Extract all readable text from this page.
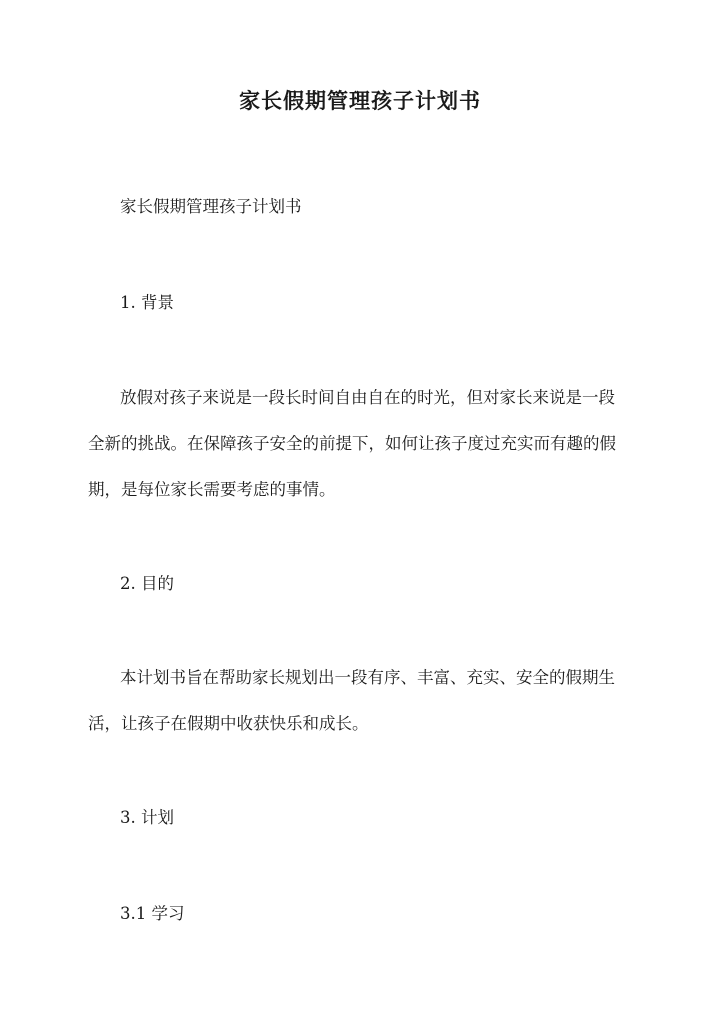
家长假期管理孩子计划书
家长假期管理孩子计划书
1. 背景
放假对孩子来说是一段长时间自由自在的时光，但对家长来说是一段
全新的挑战。在保障孩子安全的前提下，如何让孩子度过充实而有趣的假
期，是每位家长需要考虑的事情。
2. 目的
本计划书旨在帮助家长规划出一段有序、丰富、充实、安全的假期生
活，让孩子在假期中收获快乐和成长。
3. 计划
3.1 学习
